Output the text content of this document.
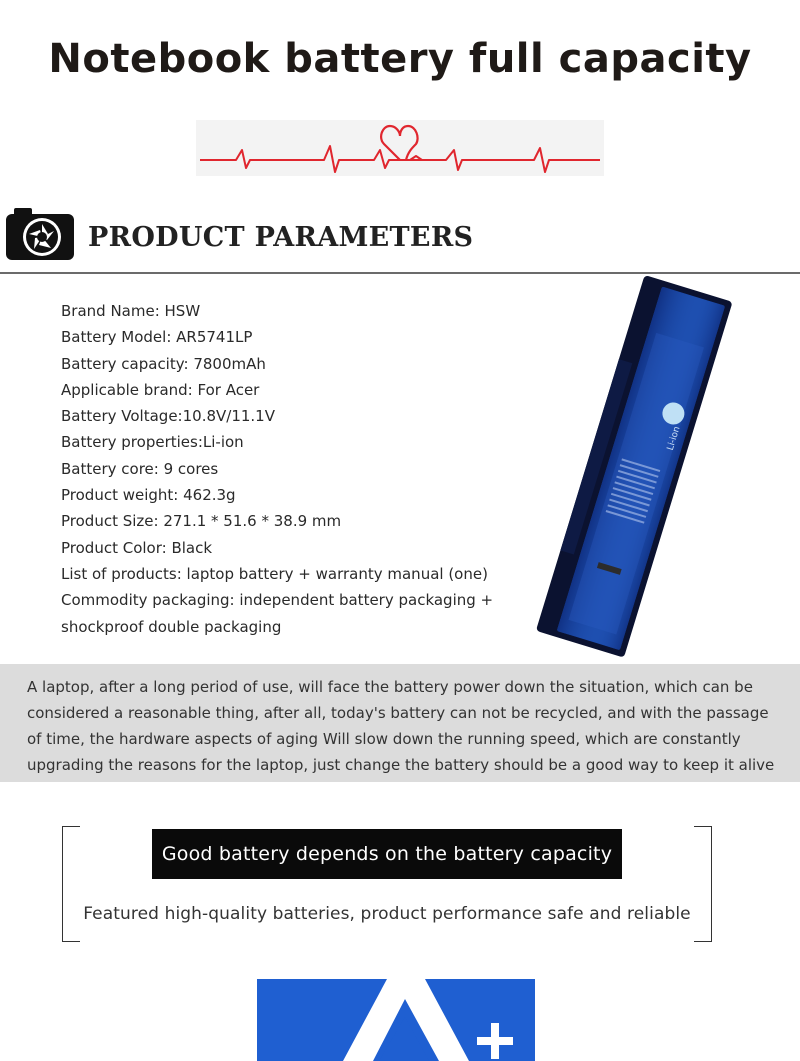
Notebook battery full capacity
PRODUCT PARAMETERS
Brand Name: HSW
Battery Model: AR5741LP
Battery capacity: 7800mAh
Applicable brand: For Acer
Battery Voltage:10.8V/11.1V
Battery properties:Li-ion
Battery core: 9 cores
Product weight: 462.3g
Product Size: 271.1 * 51.6 * 38.9 mm
Product Color: Black
List of products: laptop battery + warranty manual (one)
Commodity packaging: independent battery packaging +
shockproof double packaging
Li-ion

A laptop, after a long period of use, will face the battery power down the situation, which can be considered a reasonable thing, after all, today's battery can not be recycled, and with the passage of time, the hardware aspects of aging Will slow down the running speed, which are constantly upgrading the reasons for the laptop, just change the battery should be a good way to keep it alive

Good battery depends on the battery capacity
Featured high-quality batteries, product performance safe and reliable
